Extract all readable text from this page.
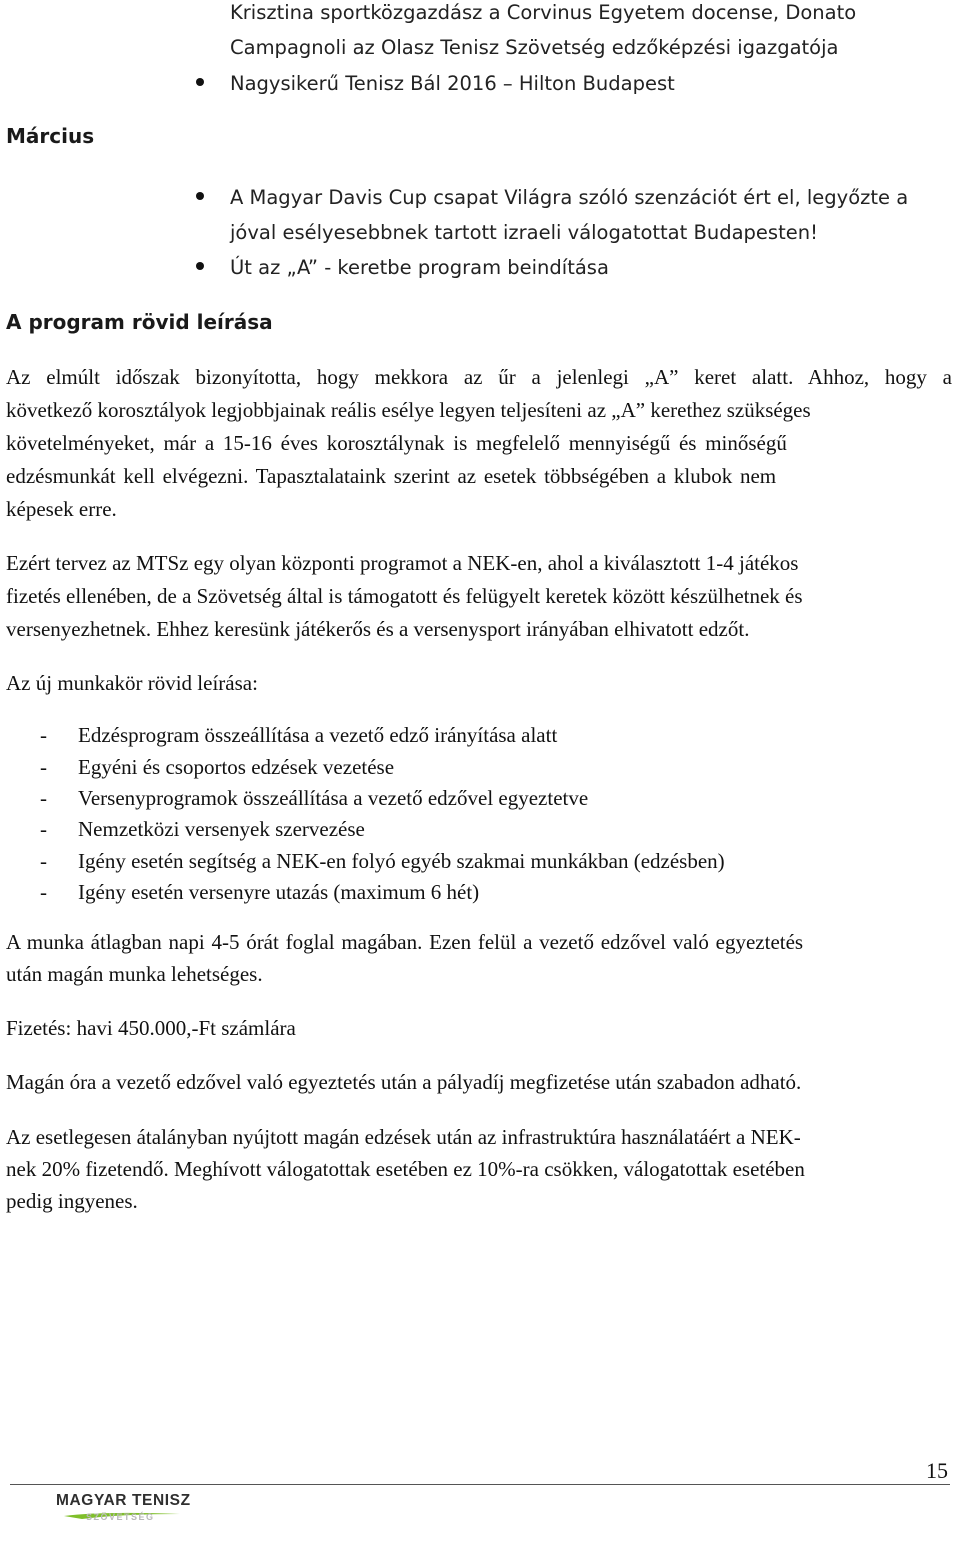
Krisztina sportközgazdász a Corvinus Egyetem docense, Donato
Campagnoli az Olasz Tenisz Szövetség edzőképzési igazgatója
Nagysikerű Tenisz Bál 2016 – Hilton Budapest
Március
A Magyar Davis Cup csapat Világra szóló szenzációt ért el, legyőzte a
jóval esélyesebbnek tartott izraeli válogatottat Budapesten!
Út az „A” - keretbe program beindítása
A program rövid leírása
Az elmúlt időszak bizonyította, hogy mekkora az űr a jelenlegi „A” keret alatt. Ahhoz, hogy a
következő korosztályok legjobbjainak reális esélye legyen teljesíteni az „A” kerethez szükséges
követelményeket, már a 15-16 éves korosztálynak is megfelelő mennyiségű és minőségű
edzésmunkát kell elvégezni. Tapasztalataink szerint az esetek többségében a klubok nem
képesek erre.
Ezért tervez az MTSz egy olyan központi programot a NEK-en, ahol a kiválasztott 1-4 játékos
fizetés ellenében, de a Szövetség által is támogatott és felügyelt keretek között készülhetnek és
versenyezhetnek. Ehhez keresünk játékerős és a versenysport irányában elhivatott edzőt.
Az új munkakör rövid leírása:
- Edzésprogram összeállítása a vezető edző irányítása alatt
- Egyéni és csoportos edzések vezetése
- Versenyprogramok összeállítása a vezető edzővel egyeztetve
- Nemzetközi versenyek szervezése
- Igény esetén segítség a NEK-en folyó egyéb szakmai munkákban (edzésben)
- Igény esetén versenyre utazás (maximum 6 hét)
A munka átlagban napi 4-5 órát foglal magában. Ezen felül a vezető edzővel való egyeztetés
után magán munka lehetséges.
Fizetés: havi 450.000,-Ft számlára
Magán óra a vezető edzővel való egyeztetés után a pályadíj megfizetése után szabadon adható.
Az esetlegesen átalányban nyújtott magán edzések után az infrastruktúra használatáért a NEK-
nek 20% fizetendő. Meghívott válogatottak esetében ez 10%-ra csökken, válogatottak esetében
pedig ingyenes.
15
MAGYAR TENISZ
SZÖVETSÉG
